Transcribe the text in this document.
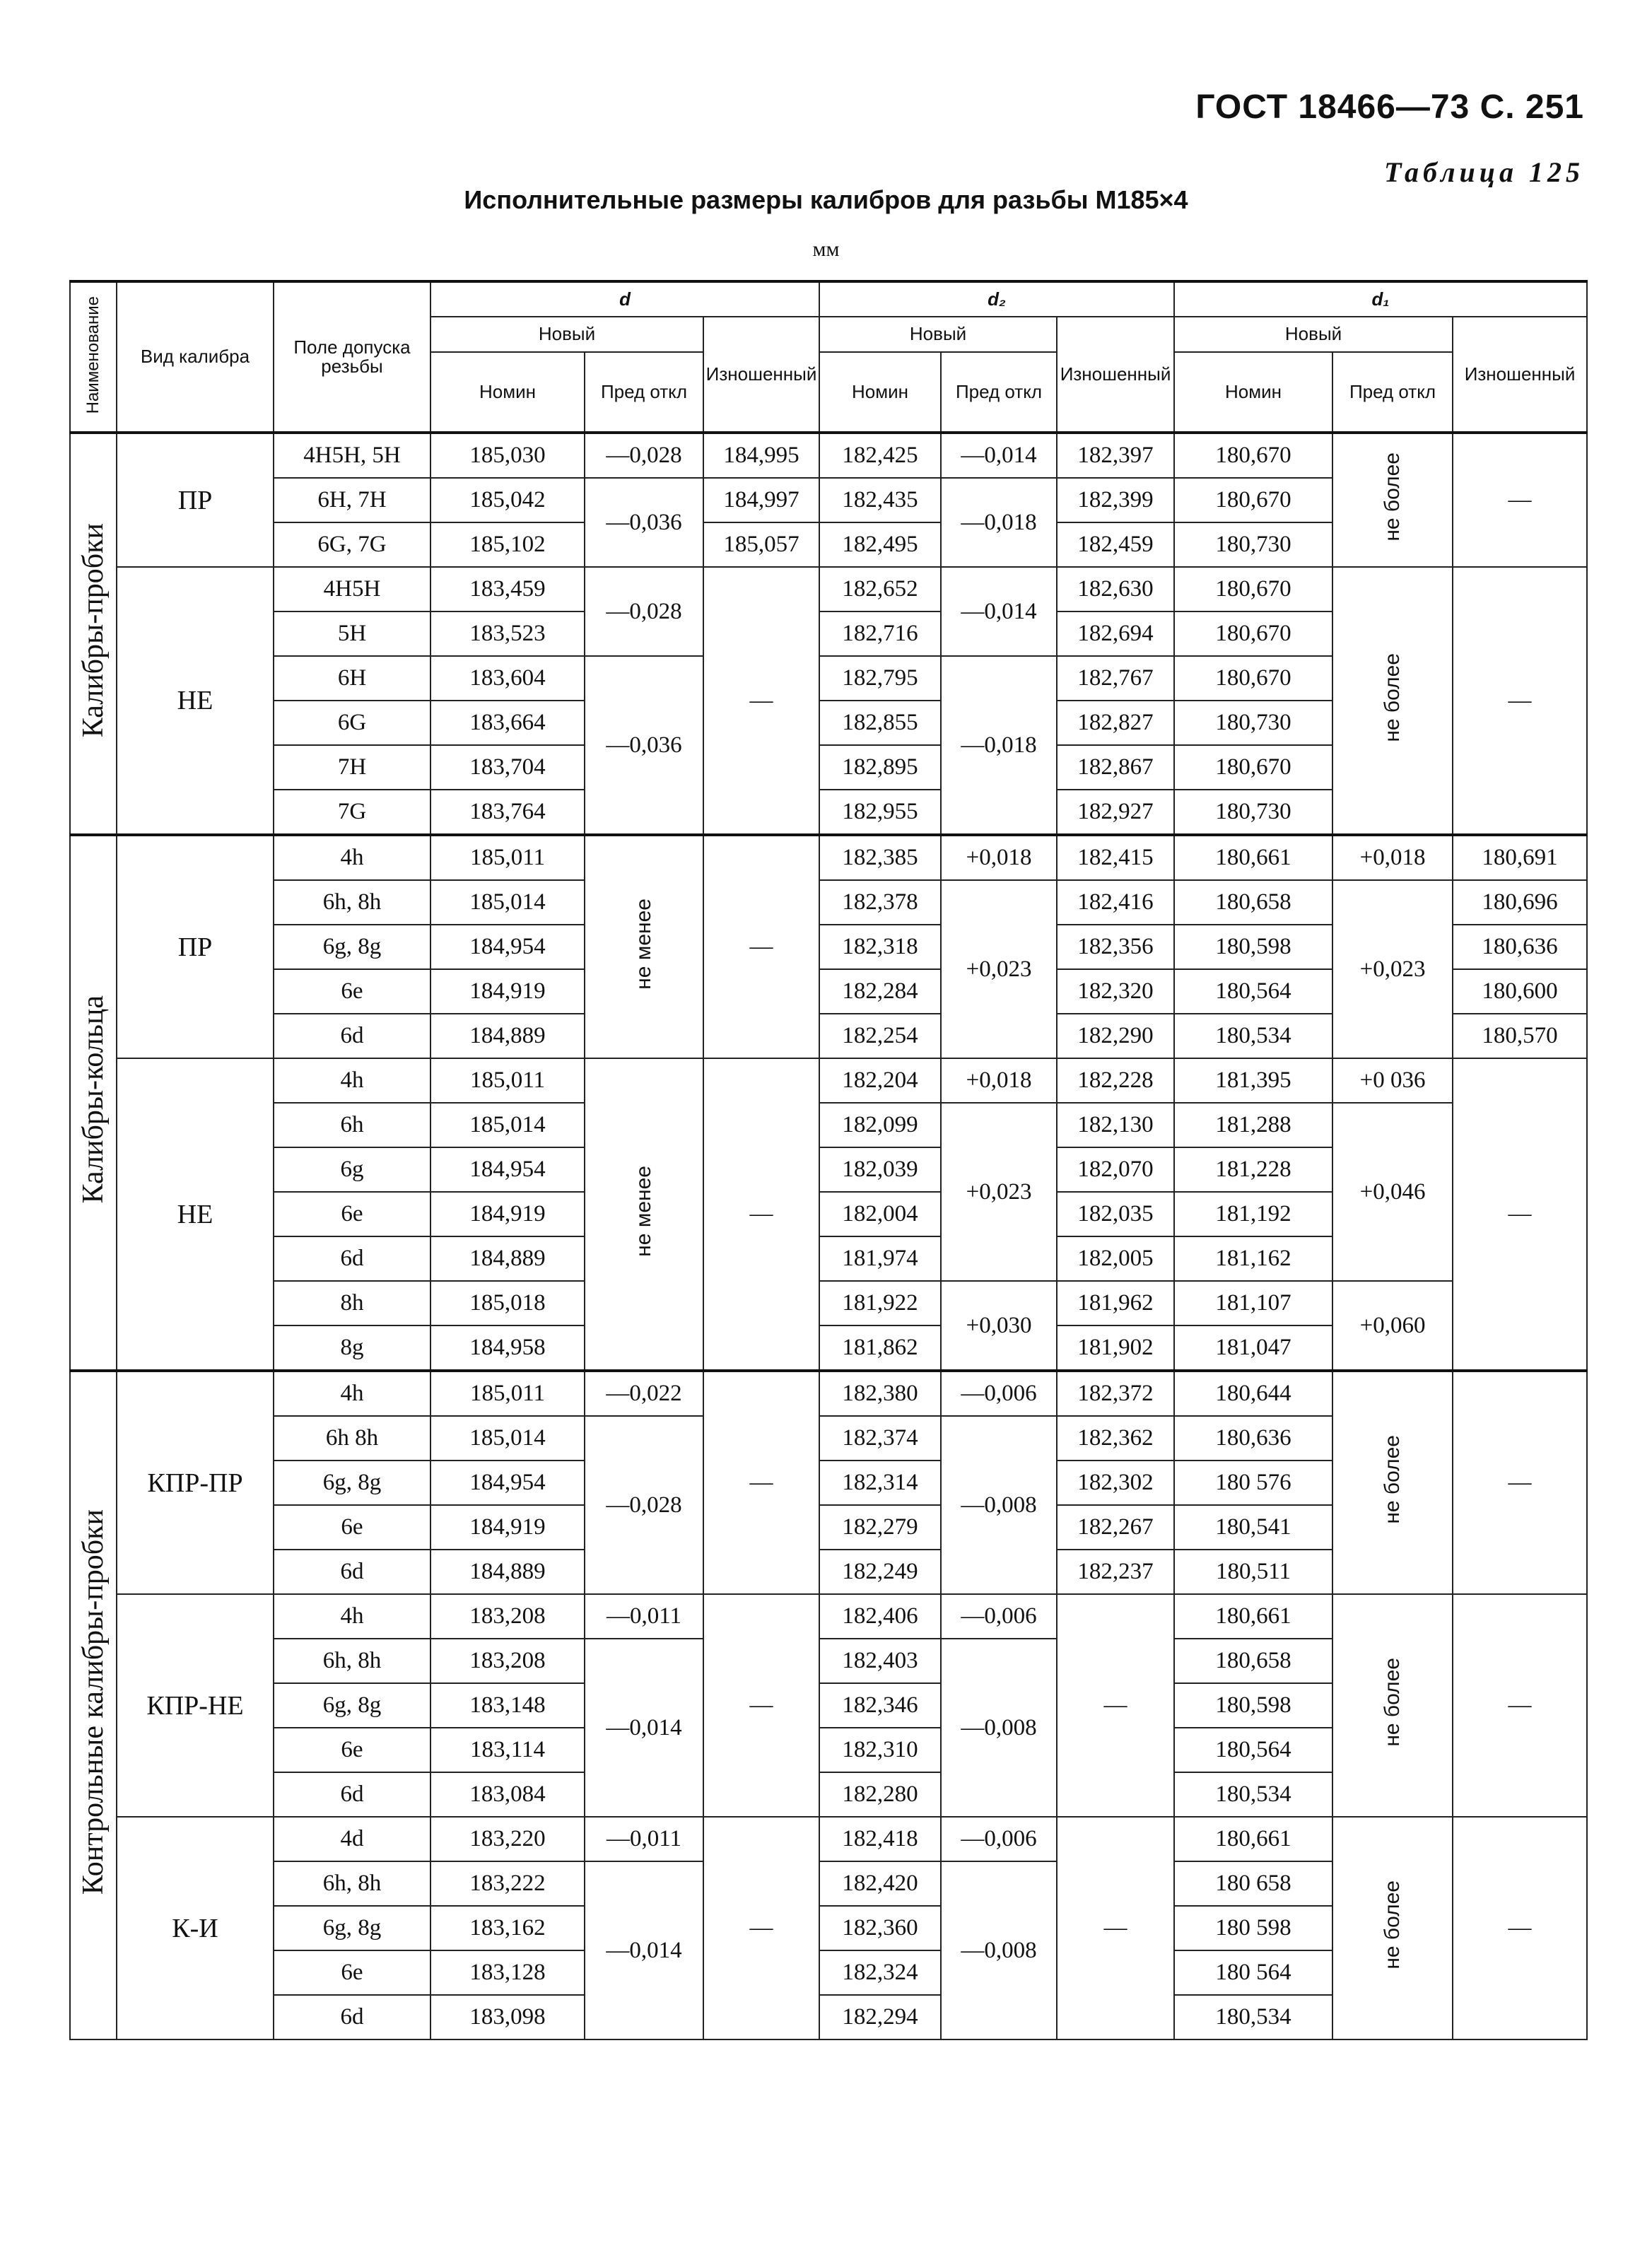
ГОСТ 18466—73 С. 251
Таблица 125
Исполнительные размеры калибров для разьбы М185×4
мм
Наименование	Вид калибра	Поле допуска резьбы	d			d₂			d₁		
			Новый		Изношенный	Новый		Изношенный	Новый		Изношенный
			Номин	Пред откл		Номин	Пред откл		Номин	Пред откл	
Калибры-пробки	ПР	4H5H, 5H	185,030	—0,028	184,995	182,425	—0,014	182,397	180,670	не более	—
		6H, 7H	185,042	—0,036	184,997	182,435	—0,018	182,399	180,670		
		6G, 7G	185,102		185,057	182,495		182,459	180,730		
	НЕ	4H5H	183,459	—0,028	—	182,652	—0,014	182,630	180,670	не более	—
		5H	183,523			182,716		182,694	180,670		
		6H	183,604	—0,036		182,795	—0,018	182,767	180,670		
		6G	183,664			182,855		182,827	180,730		
		7H	183,704			182,895		182,867	180,670		
		7G	183,764			182,955		182,927	180,730		
Калибры-кольца	ПР	4h	185,011	не менее	—	182,385	+0,018	182,415	180,661	+0,018	180,691
		6h, 8h	185,014			182,378	+0,023	182,416	180,658	+0,023	180,696
		6g, 8g	184,954			182,318		182,356	180,598		180,636
		6e	184,919			182,284		182,320	180,564		180,600
		6d	184,889			182,254		182,290	180,534		180,570
	НЕ	4h	185,011	не менее	—	182,204	+0,018	182,228	181,395	+0 036	—
		6h	185,014			182,099	+0,023	182,130	181,288	+0,046	
		6g	184,954			182,039		182,070	181,228		
		6e	184,919			182,004		182,035	181,192		
		6d	184,889			181,974		182,005	181,162		
		8h	185,018			181,922	+0,030	181,962	181,107	+0,060	
		8g	184,958			181,862		181,902	181,047		
Контрольные калибры-пробки	КПР-ПР	4h	185,011	—0,022	—	182,380	—0,006	182,372	180,644	не более	—
		6h 8h	185,014	—0,028		182,374	—0,008	182,362	180,636		
		6g, 8g	184,954			182,314		182,302	180 576		
		6e	184,919			182,279		182,267	180,541		
		6d	184,889			182,249		182,237	180,511		
	КПР-НЕ	4h	183,208	—0,011	—	182,406	—0,006	—	180,661	не более	—
		6h, 8h	183,208	—0,014		182,403	—0,008		180,658		
		6g, 8g	183,148			182,346			180,598		
		6e	183,114			182,310			180,564		
		6d	183,084			182,280			180,534		
	К-И	4d	183,220	—0,011	—	182,418	—0,006	—	180,661	не более	—
		6h, 8h	183,222	—0,014		182,420	—0,008		180 658		
		6g, 8g	183,162			182,360			180 598		
		6e	183,128			182,324			180 564		
		6d	183,098			182,294			180,534		
